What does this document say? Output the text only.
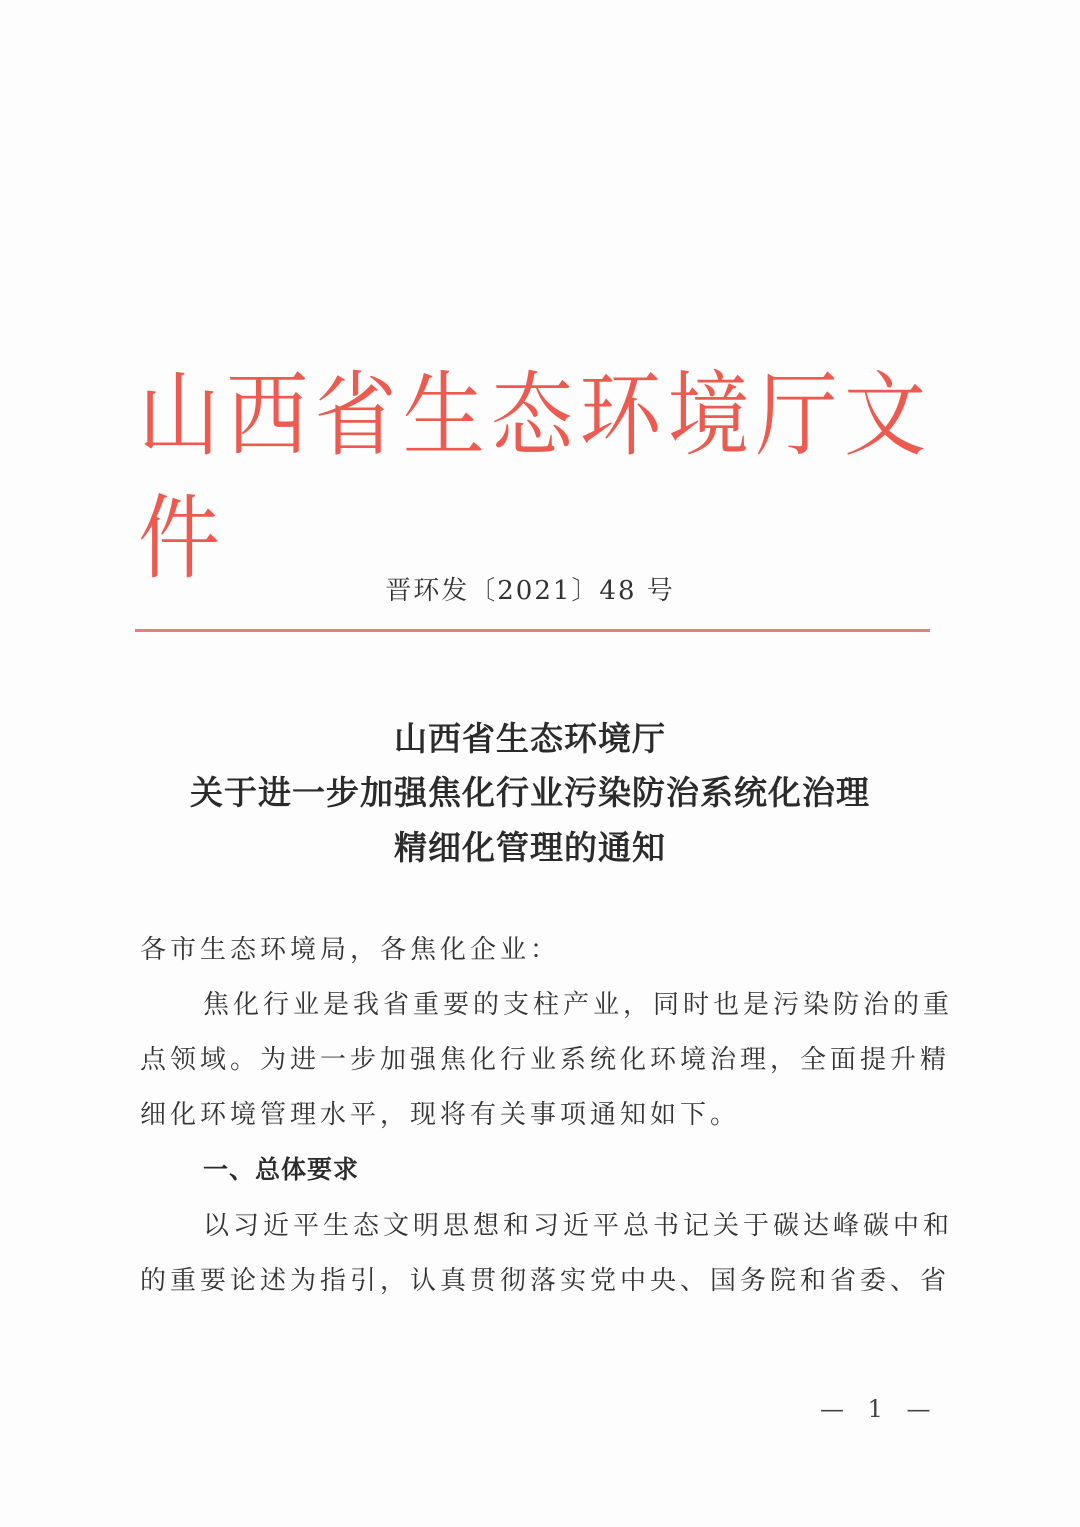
山西省生态环境厅文件	晋环发〔2021〕48 号
山西省生态环境厅
关于进一步加强焦化行业污染防治系统化治理
精细化管理的通知
各市生态环境局，各焦化企业：
焦化行业是我省重要的支柱产业，同时也是污染防治的重
点领域。为进一步加强焦化行业系统化环境治理，全面提升精
细化环境管理水平，现将有关事项通知如下。
一、总体要求
以习近平生态文明思想和习近平总书记关于碳达峰碳中和
的重要论述为指引，认真贯彻落实党中央、国务院和省委、省
— 1 —
